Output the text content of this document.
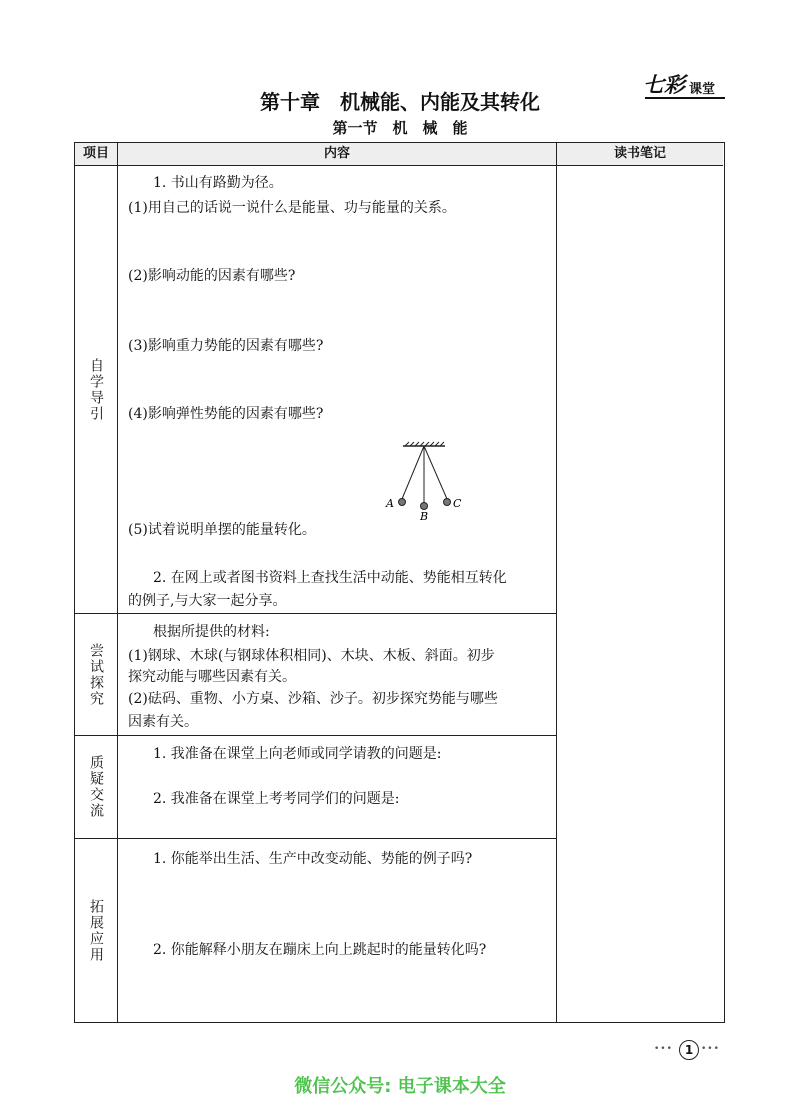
七彩 课堂
第十章　机械能、内能及其转化
第一节　机　械　能
项目	内容	读书笔记
自学导引
尝试探究
质疑交流
拓展应用
1. 书山有路勤为径。
(1)用自己的话说一说什么是能量、功与能量的关系。
(2)影响动能的因素有哪些?
(3)影响重力势能的因素有哪些?
(4)影响弹性势能的因素有哪些?
A
B
C
(5)试着说明单摆的能量转化。
2. 在网上或者图书资料上查找生活中动能、势能相互转化
的例子,与大家一起分享。
根据所提供的材料:
(1)钢球、木球(与钢球体积相同)、木块、木板、斜面。初步
探究动能与哪些因素有关。
(2)砝码、重物、小方桌、沙箱、沙子。初步探究势能与哪些
因素有关。
1. 我准备在课堂上向老师或同学请教的问题是:
2. 我准备在课堂上考考同学们的问题是:
1. 你能举出生活、生产中改变动能、势能的例子吗?
2. 你能解释小朋友在蹦床上向上跳起时的能量转化吗?
••• 1 •••
微信公众号: 电子课本大全
